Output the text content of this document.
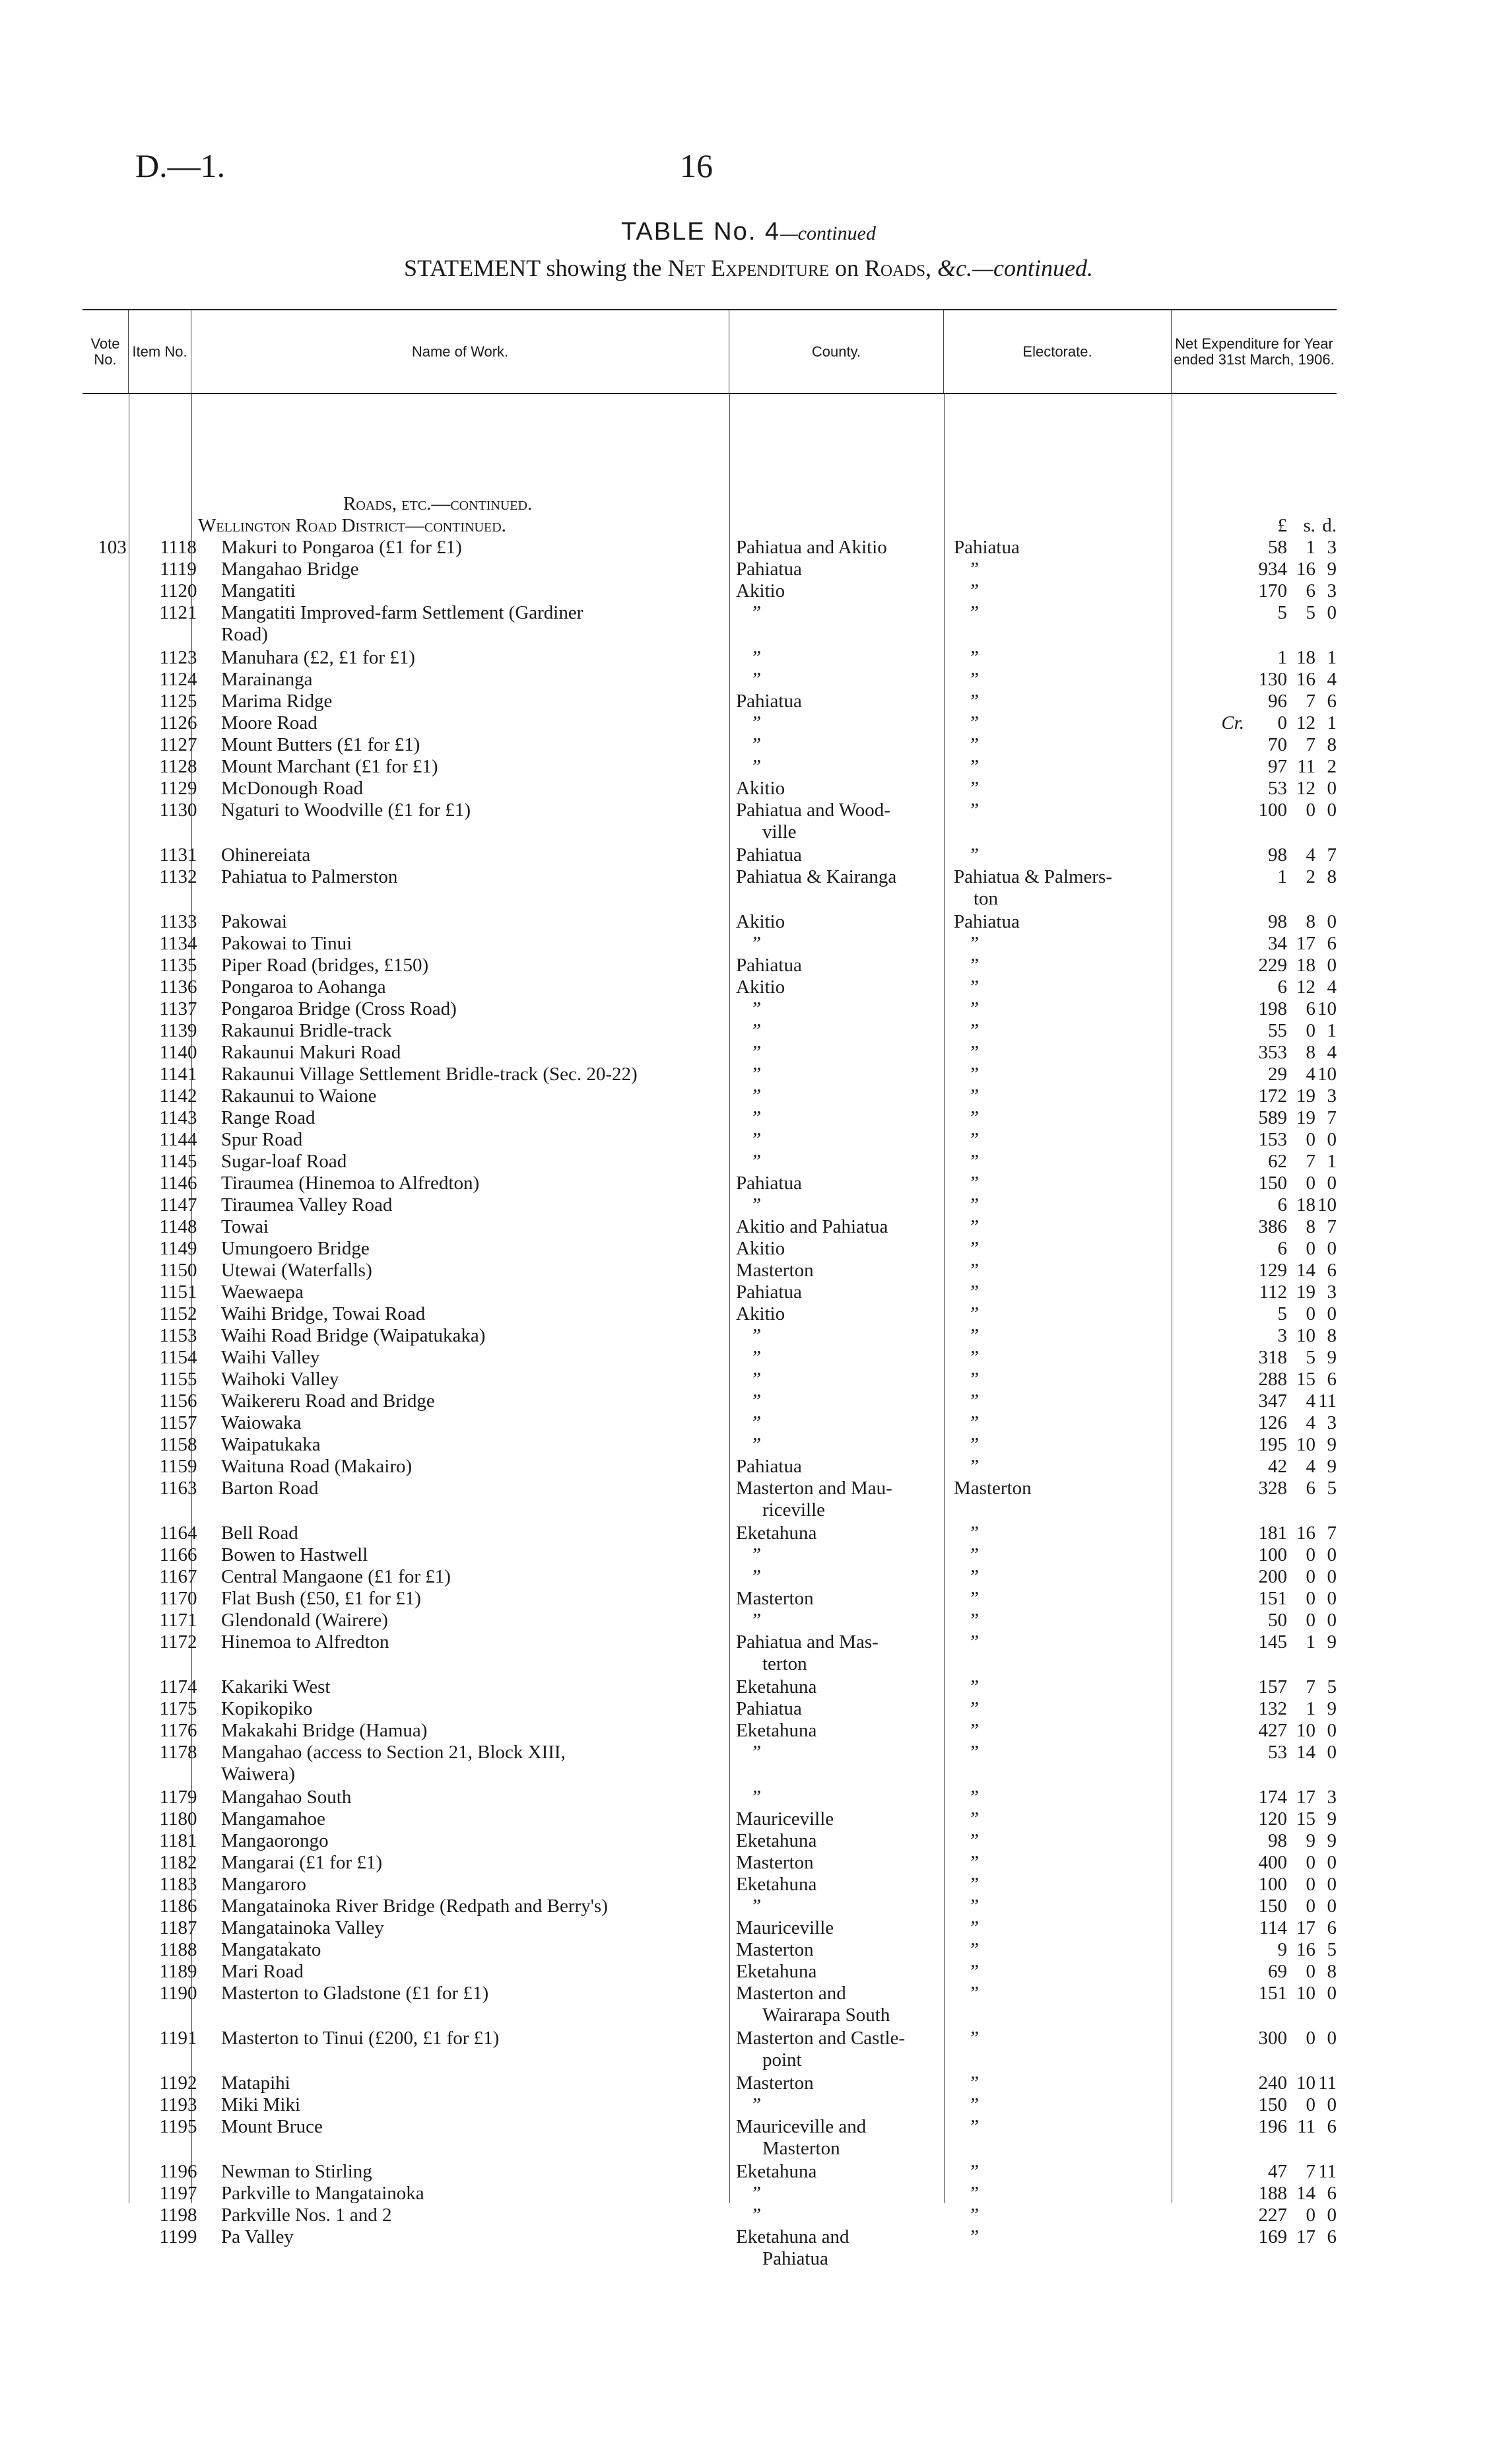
D.—1.	16
TABLE No. 4—continued
STATEMENT showing the Net Expenditure on Roads, &c.—continued.
Vote No.	Item No.	Name of Work.	County.	Electorate.	Net Expenditure for Year ended 31st March, 1906.
Roads, etc.—continued.
Wellington Road District—continued.	£ s. d.
103	1118	Makuri to Pongaroa (£1 for £1)	Pahiatua and Akitio	Pahiatua	58 1 3
1119	Mangahao Bridge	Pahiatua	”	934 16 9
1120	Mangatiti	Akitio	”	170 6 3
1121	Mangatiti Improved-farm Settlement (Gardiner	”	”	5 5 0
Road)
1123	Manuhara (£2, £1 for £1)	”	”	1 18 1
1124	Marainanga	”	”	130 16 4
1125	Marima Ridge	Pahiatua	”	96 7 6
1126	Moore Road	”	”	Cr.	0 12 1
1127	Mount Butters (£1 for £1)	”	”	70 7 8
1128	Mount Marchant (£1 for £1)	”	”	97 11 2
1129	McDonough Road	Akitio	”	53 12 0
1130	Ngaturi to Woodville (£1 for £1)	Pahiatua and Wood-	”	100 0 0
ville
1131	Ohinereiata	Pahiatua	”	98 4 7
1132	Pahiatua to Palmerston	Pahiatua & Kairanga	Pahiatua & Palmers-	1 2 8
ton
1133	Pakowai	Akitio	Pahiatua	98 8 0
1134	Pakowai to Tinui	”	”	34 17 6
1135	Piper Road (bridges, £150)	Pahiatua	”	229 18 0
1136	Pongaroa to Aohanga	Akitio	”	6 12 4
1137	Pongaroa Bridge (Cross Road)	”	”	198 6 10
1139	Rakaunui Bridle-track	”	”	55 0 1
1140	Rakaunui Makuri Road	”	”	353 8 4
1141	Rakaunui Village Settlement Bridle-track (Sec. 20-22)	”	”	29 4 10
1142	Rakaunui to Waione	”	”	172 19 3
1143	Range Road	”	”	589 19 7
1144	Spur Road	”	”	153 0 0
1145	Sugar-loaf Road	”	”	62 7 1
1146	Tiraumea (Hinemoa to Alfredton)	Pahiatua	”	150 0 0
1147	Tiraumea Valley Road	”	”	6 18 10
1148	Towai	Akitio and Pahiatua	”	386 8 7
1149	Umungoero Bridge	Akitio	”	6 0 0
1150	Utewai (Waterfalls)	Masterton	”	129 14 6
1151	Waewaepa	Pahiatua	”	112 19 3
1152	Waihi Bridge, Towai Road	Akitio	”	5 0 0
1153	Waihi Road Bridge (Waipatukaka)	”	”	3 10 8
1154	Waihi Valley	”	”	318 5 9
1155	Waihoki Valley	”	”	288 15 6
1156	Waikereru Road and Bridge	”	”	347 4 11
1157	Waiowaka	”	”	126 4 3
1158	Waipatukaka	”	”	195 10 9
1159	Waituna Road (Makairo)	Pahiatua	”	42 4 9
1163	Barton Road	Masterton and Mau-	Masterton	328 6 5
riceville
1164	Bell Road	Eketahuna	”	181 16 7
1166	Bowen to Hastwell	”	”	100 0 0
1167	Central Mangaone (£1 for £1)	”	”	200 0 0
1170	Flat Bush (£50, £1 for £1)	Masterton	”	151 0 0
1171	Glendonald (Wairere)	”	”	50 0 0
1172	Hinemoa to Alfredton	Pahiatua and Mas-	”	145 1 9
terton
1174	Kakariki West	Eketahuna	”	157 7 5
1175	Kopikopiko	Pahiatua	”	132 1 9
1176	Makakahi Bridge (Hamua)	Eketahuna	”	427 10 0
1178	Mangahao (access to Section 21, Block XIII,	”	”	53 14 0
Waiwera)
1179	Mangahao South	”	”	174 17 3
1180	Mangamahoe	Mauriceville	”	120 15 9
1181	Mangaorongo	Eketahuna	”	98 9 9
1182	Mangarai (£1 for £1)	Masterton	”	400 0 0
1183	Mangaroro	Eketahuna	”	100 0 0
1186	Mangatainoka River Bridge (Redpath and Berry's)	”	”	150 0 0
1187	Mangatainoka Valley	Mauriceville	”	114 17 6
1188	Mangatakato	Masterton	”	9 16 5
1189	Mari Road	Eketahuna	”	69 0 8
1190	Masterton to Gladstone (£1 for £1)	Masterton and	”	151 10 0
Wairarapa South
1191	Masterton to Tinui (£200, £1 for £1)	Masterton and Castle-	”	300 0 0
point
1192	Matapihi	Masterton	”	240 10 11
1193	Miki Miki	”	”	150 0 0
1195	Mount Bruce	Mauriceville and	”	196 11 6
Masterton
1196	Newman to Stirling	Eketahuna	”	47 7 11
1197	Parkville to Mangatainoka	”	”	188 14 6
1198	Parkville Nos. 1 and 2	”	”	227 0 0
1199	Pa Valley	Eketahuna and	”	169 17 6
Pahiatua
